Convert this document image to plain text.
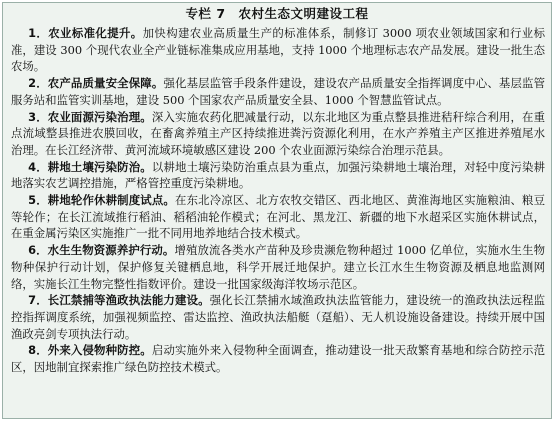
专栏 7 农村生态文明建设工程

1．农业标准化提升。加快构建农业高质量生产的标准体系，制修订 3000 项农业领域国家和行业标准，建设 300 个现代农业全产业链标准集成应用基地，支持 1000 个地理标志农产品发展。建设一批生态农场。

2．农产品质量安全保障。强化基层监管手段条件建设，建设农产品质量安全指挥调度中心、基层监管服务站和监管实训基地，建设 500 个国家农产品质量安全县、1000 个智慧监管试点。

3．农业面源污染治理。深入实施农药化肥减量行动，以东北地区为重点整县推进秸秆综合利用，在重点流域整县推进农膜回收，在畜禽养殖主产区持续推进粪污资源化利用，在水产养殖主产区推进养殖尾水治理。在长江经济带、黄河流域环境敏感区建设 200 个农业面源污染综合治理示范县。

4．耕地土壤污染防治。以耕地土壤污染防治重点县为重点，加强污染耕地土壤治理，对轻中度污染耕地落实农艺调控措施，严格管控重度污染耕地。

5．耕地轮作休耕制度试点。在东北冷凉区、北方农牧交错区、西北地区、黄淮海地区实施粮油、粮豆等轮作；在长江流域推行稻油、稻稻油轮作模式；在河北、黑龙江、新疆的地下水超采区实施休耕试点，在重金属污染区实施推广一批不同用地养地结合技术模式。

6．水生生物资源养护行动。增殖放流各类水产苗种及珍贵濒危物种超过 1000 亿单位，实施水生生物物种保护行动计划，保护修复关键栖息地，科学开展迁地保护。建立长江水生生物资源及栖息地监测网络，实施长江生物完整性指数评价。建设一批国家级海洋牧场示范区。

7．长江禁捕等渔政执法能力建设。强化长江禁捕水域渔政执法监管能力，建设统一的渔政执法远程监控指挥调度系统，加强视频监控、雷达监控、渔政执法船艇（趸船）、无人机设施设备建设。持续开展中国渔政亮剑专项执法行动。

8．外来入侵物种防控。启动实施外来入侵物种全面调查，推动建设一批天敌繁育基地和综合防控示范区，因地制宜探索推广绿色防控技术模式。
